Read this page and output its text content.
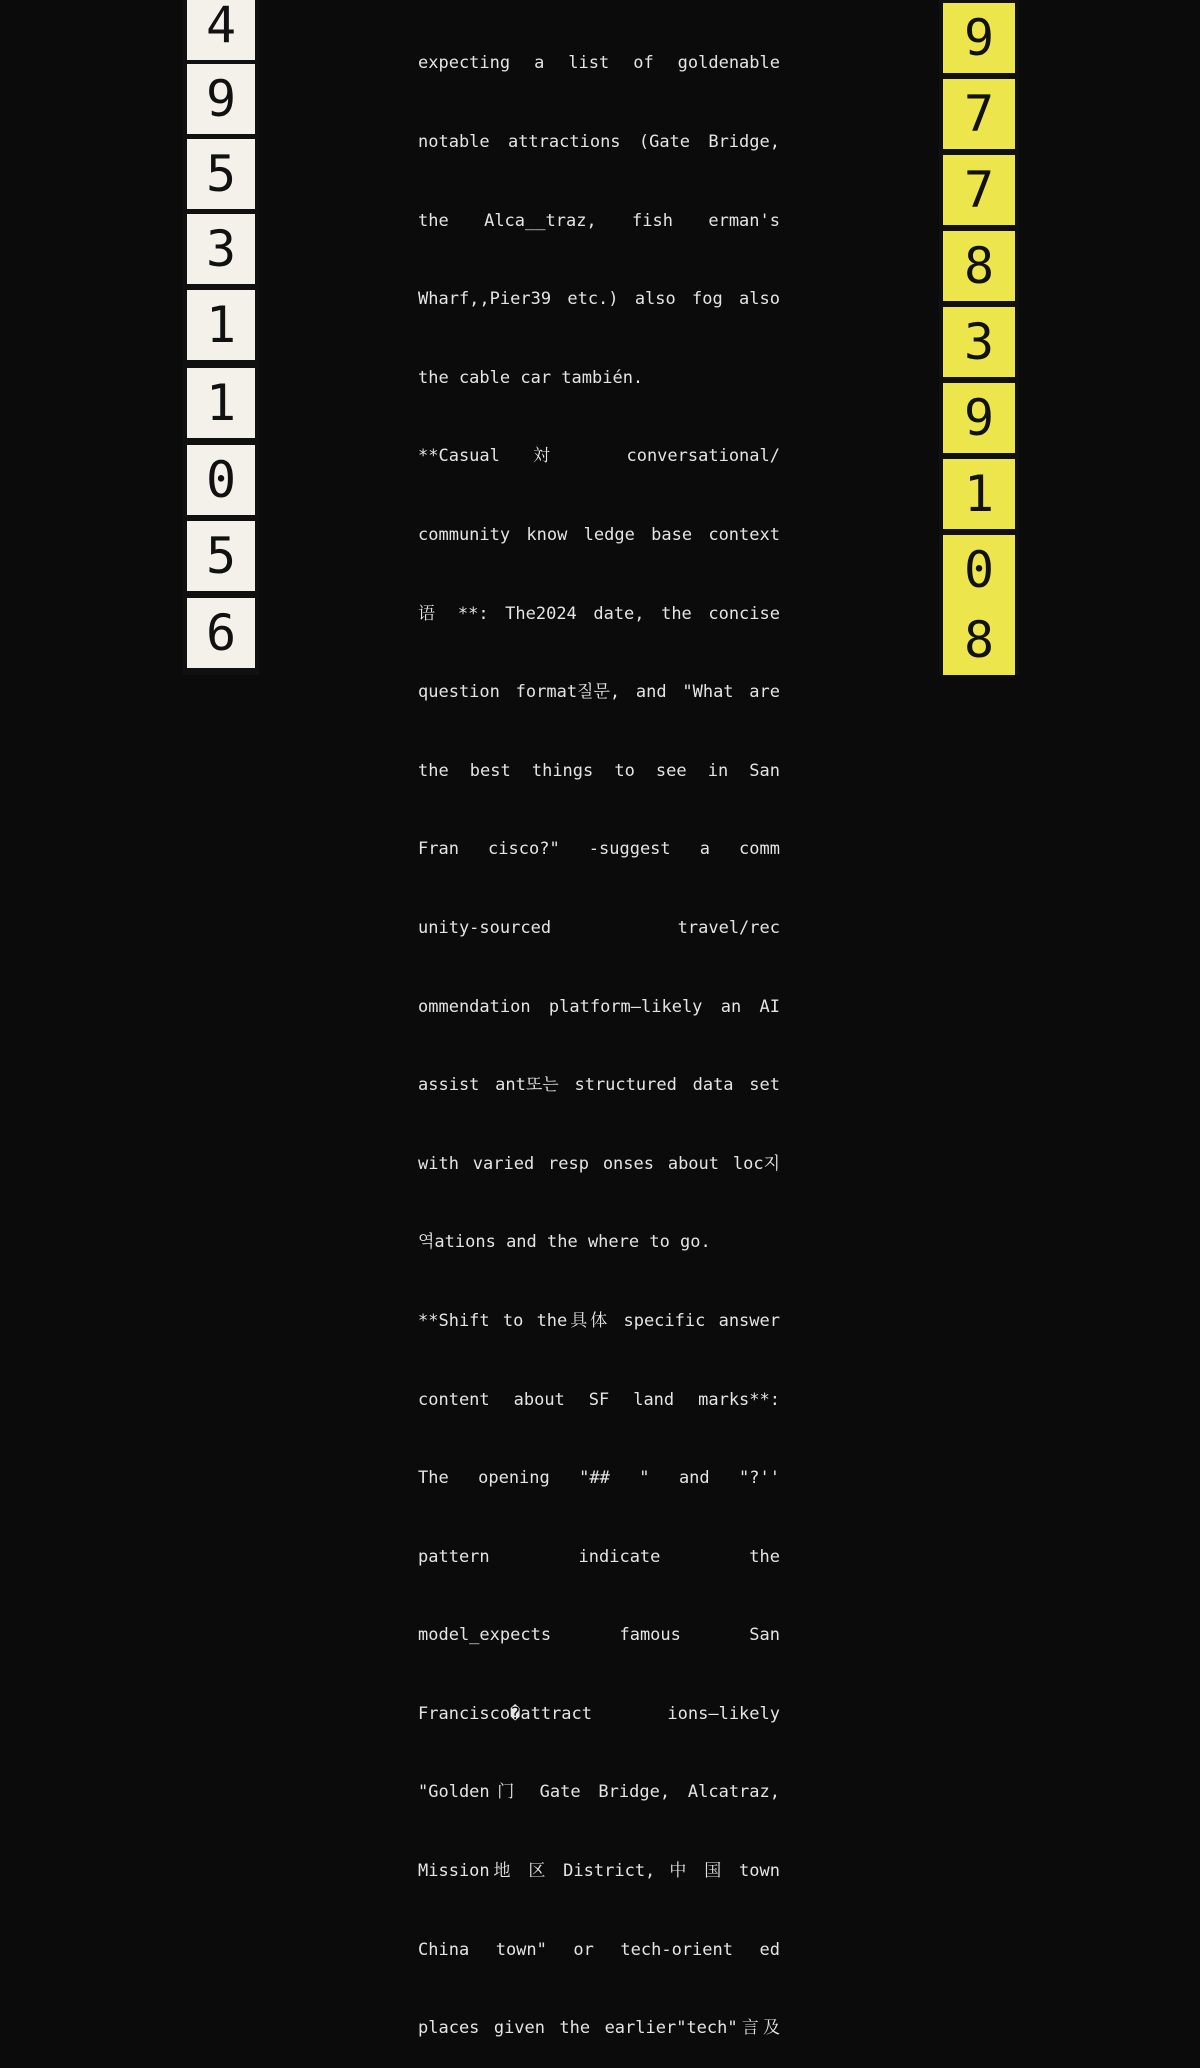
4
9
5
3
1
1
0
5
6

expecting a list of goldenable

notable attractions (Gate Bridge,

the Alca__traz, fish erman's

Wharf,,Pier39 etc.) also fog also

the cable car también.

**Casual対 conversational/

community know ledge base context

语 **: The2024 date, the concise

question format질문, and "What are

the best things to see in San

Fran cisco?" -suggest a comm

unity-sourced travel/rec

ommendation platform—likely an AI

assist ant또는 structured data set

with varied resp onses about loc지

역ations and the where to go.

**Shift to the具体 specific answer

content about SF land marks**:

The opening "## " and "?''

pattern indicate the

model_expects famous San

Francisco�attract ions—likely

"Golden门 Gate Bridge, Alcatraz,

Mission地 区 District, 中 国 town

China town" or tech-orient ed

places given the earlier"tech"言及

9
7
7
8
3
9
1
0
8
